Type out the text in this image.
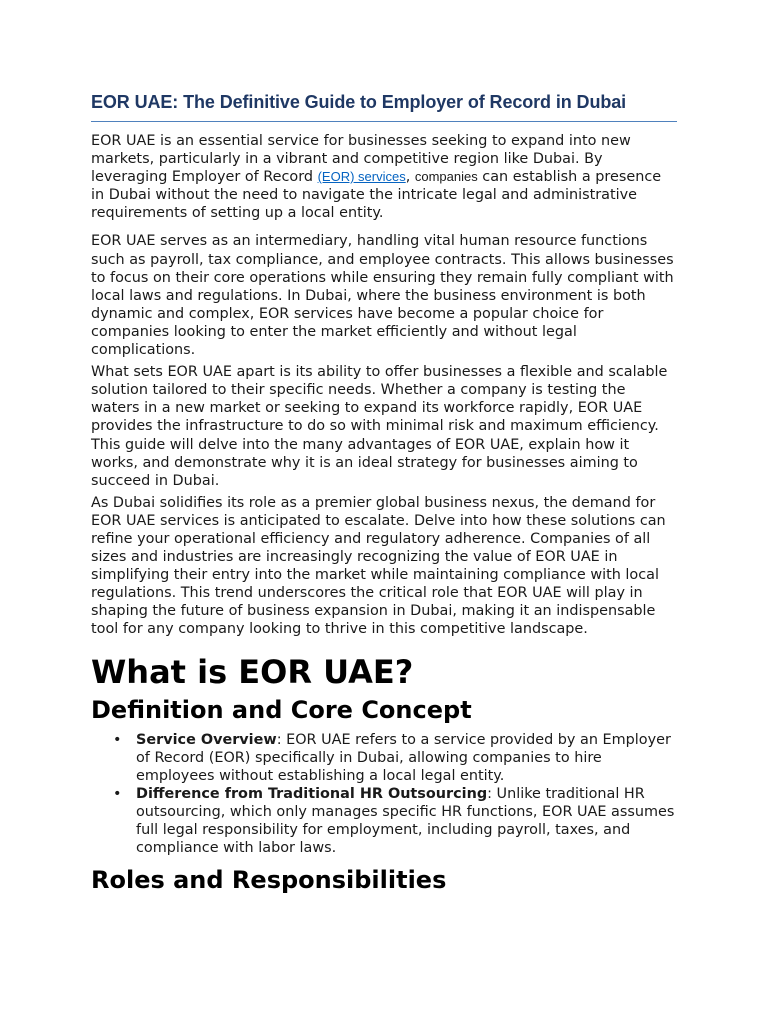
EOR UAE: The Definitive Guide to Employer of Record in Dubai

EOR UAE is an essential service for businesses seeking to expand into new markets, particularly in a vibrant and competitive region like Dubai. By leveraging Employer of Record (EOR) services, companies can establish a presence in Dubai without the need to navigate the intricate legal and administrative requirements of setting up a local entity.

EOR UAE serves as an intermediary, handling vital human resource functions such as payroll, tax compliance, and employee contracts. This allows businesses to focus on their core operations while ensuring they remain fully compliant with local laws and regulations. In Dubai, where the business environment is both dynamic and complex, EOR services have become a popular choice for companies looking to enter the market efficiently and without legal complications.

What sets EOR UAE apart is its ability to offer businesses a flexible and scalable solution tailored to their specific needs. Whether a company is testing the waters in a new market or seeking to expand its workforce rapidly, EOR UAE provides the infrastructure to do so with minimal risk and maximum efficiency. This guide will delve into the many advantages of EOR UAE, explain how it works, and demonstrate why it is an ideal strategy for businesses aiming to succeed in Dubai.

As Dubai solidifies its role as a premier global business nexus, the demand for EOR UAE services is anticipated to escalate. Delve into how these solutions can refine your operational efficiency and regulatory adherence. Companies of all sizes and industries are increasingly recognizing the value of EOR UAE in simplifying their entry into the market while maintaining compliance with local regulations. This trend underscores the critical role that EOR UAE will play in shaping the future of business expansion in Dubai, making it an indispensable tool for any company looking to thrive in this competitive landscape.

What is EOR UAE?
Definition and Core Concept
• Service Overview: EOR UAE refers to a service provided by an Employer of Record (EOR) specifically in Dubai, allowing companies to hire employees without establishing a local legal entity.
• Difference from Traditional HR Outsourcing: Unlike traditional HR outsourcing, which only manages specific HR functions, EOR UAE assumes full legal responsibility for employment, including payroll, taxes, and compliance with labor laws.
Roles and Responsibilities
